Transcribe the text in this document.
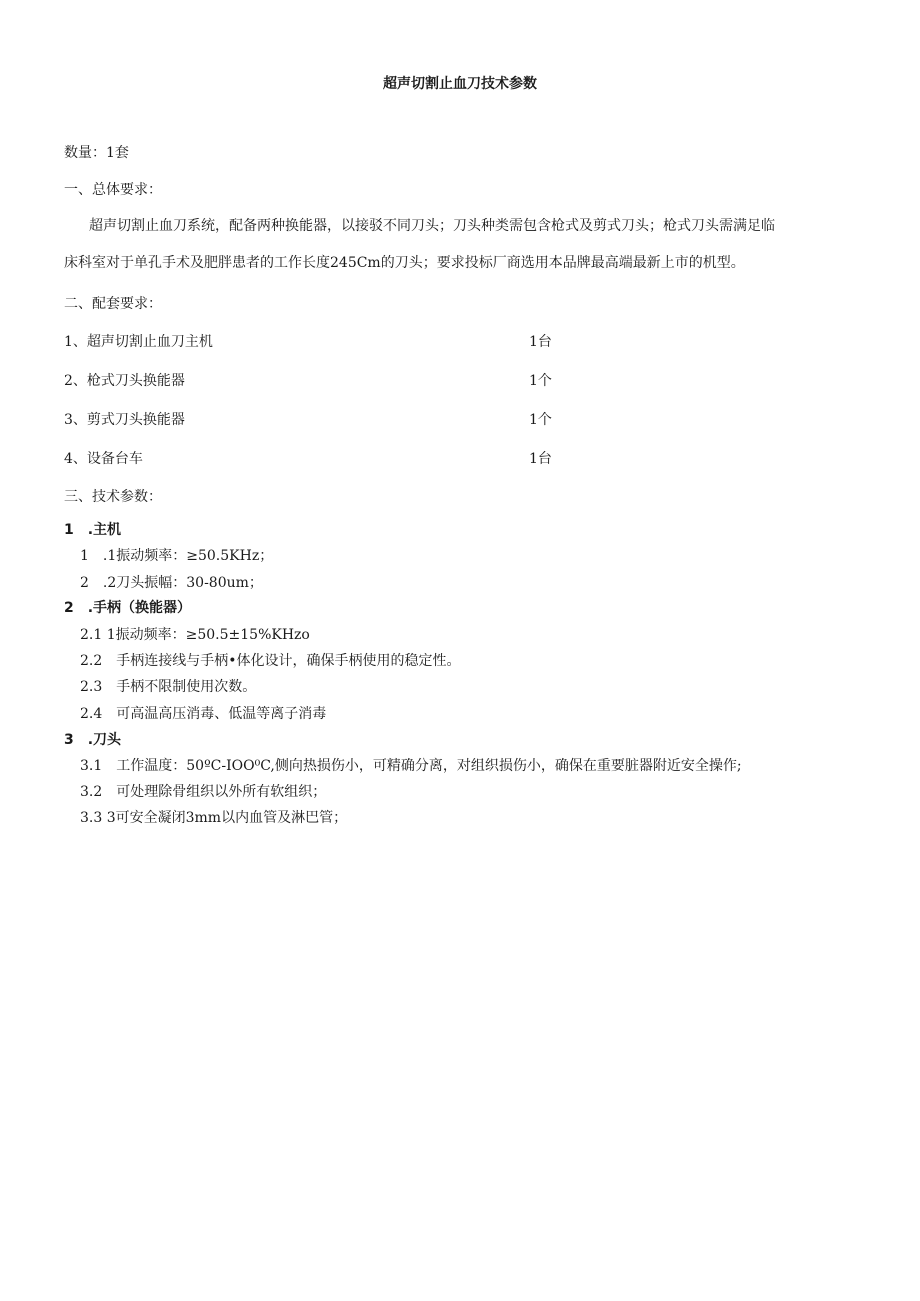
超声切割止血刀技术参数
数量：1套
一、总体要求：
超声切割止血刀系统，配备两种换能器，以接驳不同刀头；刀头种类需包含枪式及剪式刀头；枪式刀头需满足临
床科室对于单孔手术及肥胖患者的工作长度245Cm的刀头；要求投标厂商选用本品牌最高端最新上市的机型。
二、配套要求：
1、超声切割止血刀主机	1台
2、枪式刀头换能器	1个
3、剪式刀头换能器	1个
4、设备台车	1台
三、技术参数：
1　.主机
1　.1振动频率：≥50.5KHz；
2　.2刀头振幅：30-80um；
2　.手柄（换能器）
2.1 1振动频率：≥50.5±15%KHzo
2.2　手柄连接线与手柄•体化设计，确保手柄使用的稳定性。
2.3　手柄不限制使用次数。
2.4　可高温高压消毒、低温等离子消毒
3　.刀头
3.1　工作温度：50ºC-IOO⁰C,侧向热损伤小，可精确分离，对组织损伤小，确保在重要脏器附近安全操作;
3.2　可处理除骨组织以外所有软组织；
3.3 3可安全凝闭3mm以内血管及淋巴管；
